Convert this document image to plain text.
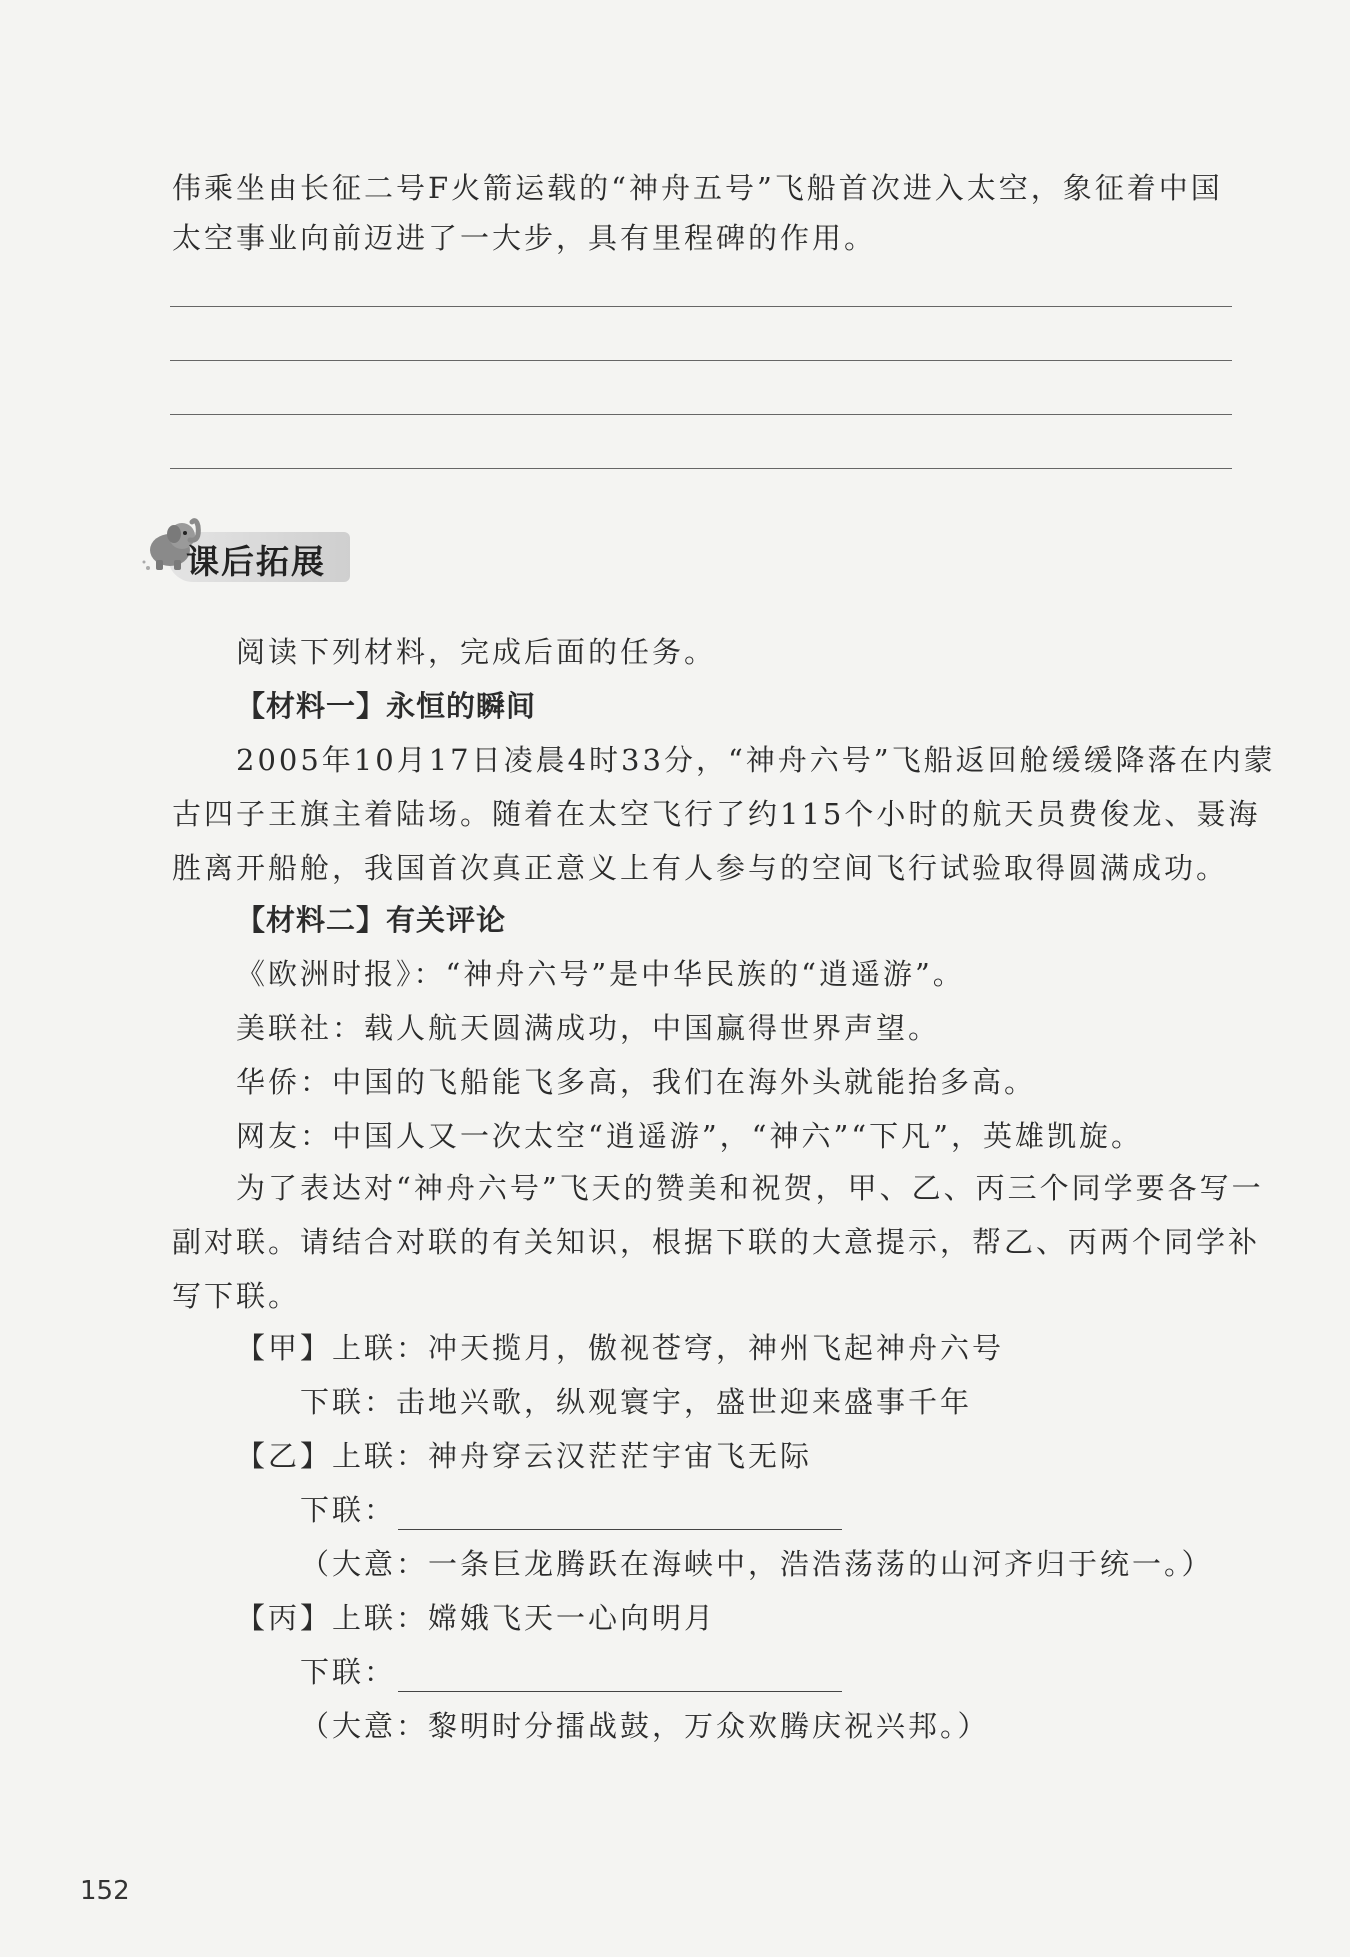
伟乘坐由长征二号F火箭运载的“神舟五号”飞船首次进入太空，象征着中国
太空事业向前迈进了一大步，具有里程碑的作用。
课后拓展
阅读下列材料，完成后面的任务。
【材料一】永恒的瞬间
2005年10月17日凌晨4时33分，“神舟六号”飞船返回舱缓缓降落在内蒙
古四子王旗主着陆场。随着在太空飞行了约115个小时的航天员费俊龙、聂海
胜离开船舱，我国首次真正意义上有人参与的空间飞行试验取得圆满成功。
【材料二】有关评论
《欧洲时报》：“神舟六号”是中华民族的“逍遥游”。
美联社：载人航天圆满成功，中国赢得世界声望。
华侨：中国的飞船能飞多高，我们在海外头就能抬多高。
网友：中国人又一次太空“逍遥游”，“神六”“下凡”，英雄凯旋。
为了表达对“神舟六号”飞天的赞美和祝贺，甲、乙、丙三个同学要各写一
副对联。请结合对联的有关知识，根据下联的大意提示，帮乙、丙两个同学补
写下联。
【甲】上联：冲天揽月，傲视苍穹，神州飞起神舟六号
下联：击地兴歌，纵观寰宇，盛世迎来盛事千年
【乙】上联：神舟穿云汉茫茫宇宙飞无际
下联：
（大意：一条巨龙腾跃在海峡中，浩浩荡荡的山河齐归于统一。）
【丙】上联：嫦娥飞天一心向明月
下联：
（大意：黎明时分擂战鼓，万众欢腾庆祝兴邦。）
152
